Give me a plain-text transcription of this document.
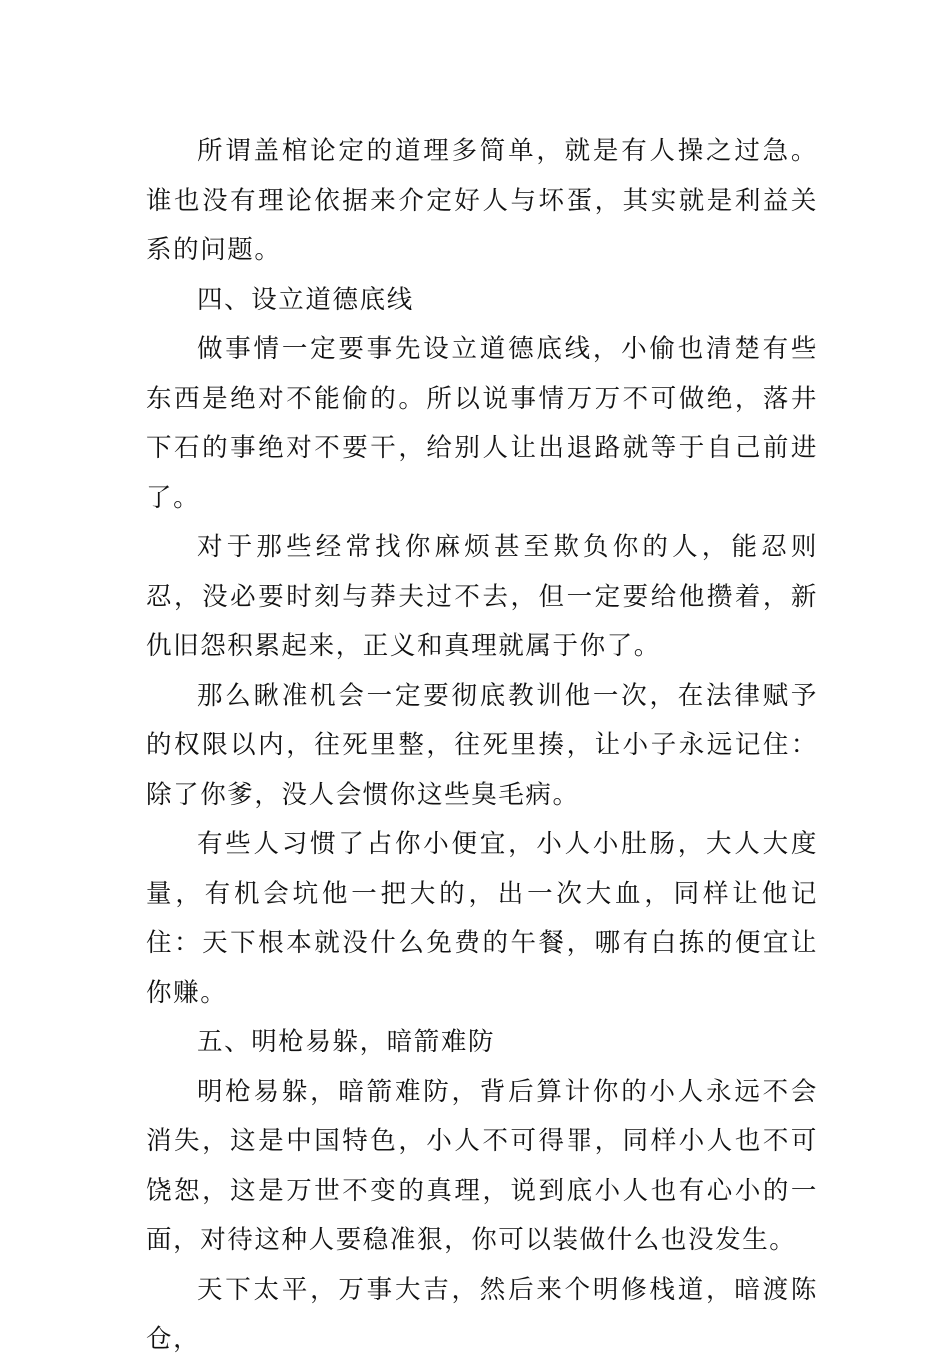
所谓盖棺论定的道理多简单，就是有人操之过急。谁也没有理论依据来介定好人与坏蛋，其实就是利益关系的问题。

四、设立道德底线

做事情一定要事先设立道德底线，小偷也清楚有些东西是绝对不能偷的。所以说事情万万不可做绝，落井下石的事绝对不要干，给别人让出退路就等于自己前进了。

对于那些经常找你麻烦甚至欺负你的人，能忍则忍，没必要时刻与莽夫过不去，但一定要给他攒着，新仇旧怨积累起来，正义和真理就属于你了。

那么瞅准机会一定要彻底教训他一次，在法律赋予的权限以内，往死里整，往死里揍，让小子永远记住：除了你爹，没人会惯你这些臭毛病。

有些人习惯了占你小便宜，小人小肚肠，大人大度量，有机会坑他一把大的，出一次大血，同样让他记住：天下根本就没什么免费的午餐，哪有白拣的便宜让你赚。

五、明枪易躲，暗箭难防

明枪易躲，暗箭难防，背后算计你的小人永远不会消失，这是中国特色，小人不可得罪，同样小人也不可饶恕，这是万世不变的真理，说到底小人也有心小的一面，对待这种人要稳准狠，你可以装做什么也没发生。

天下太平，万事大吉，然后来个明修栈道，暗渡陈仓，
